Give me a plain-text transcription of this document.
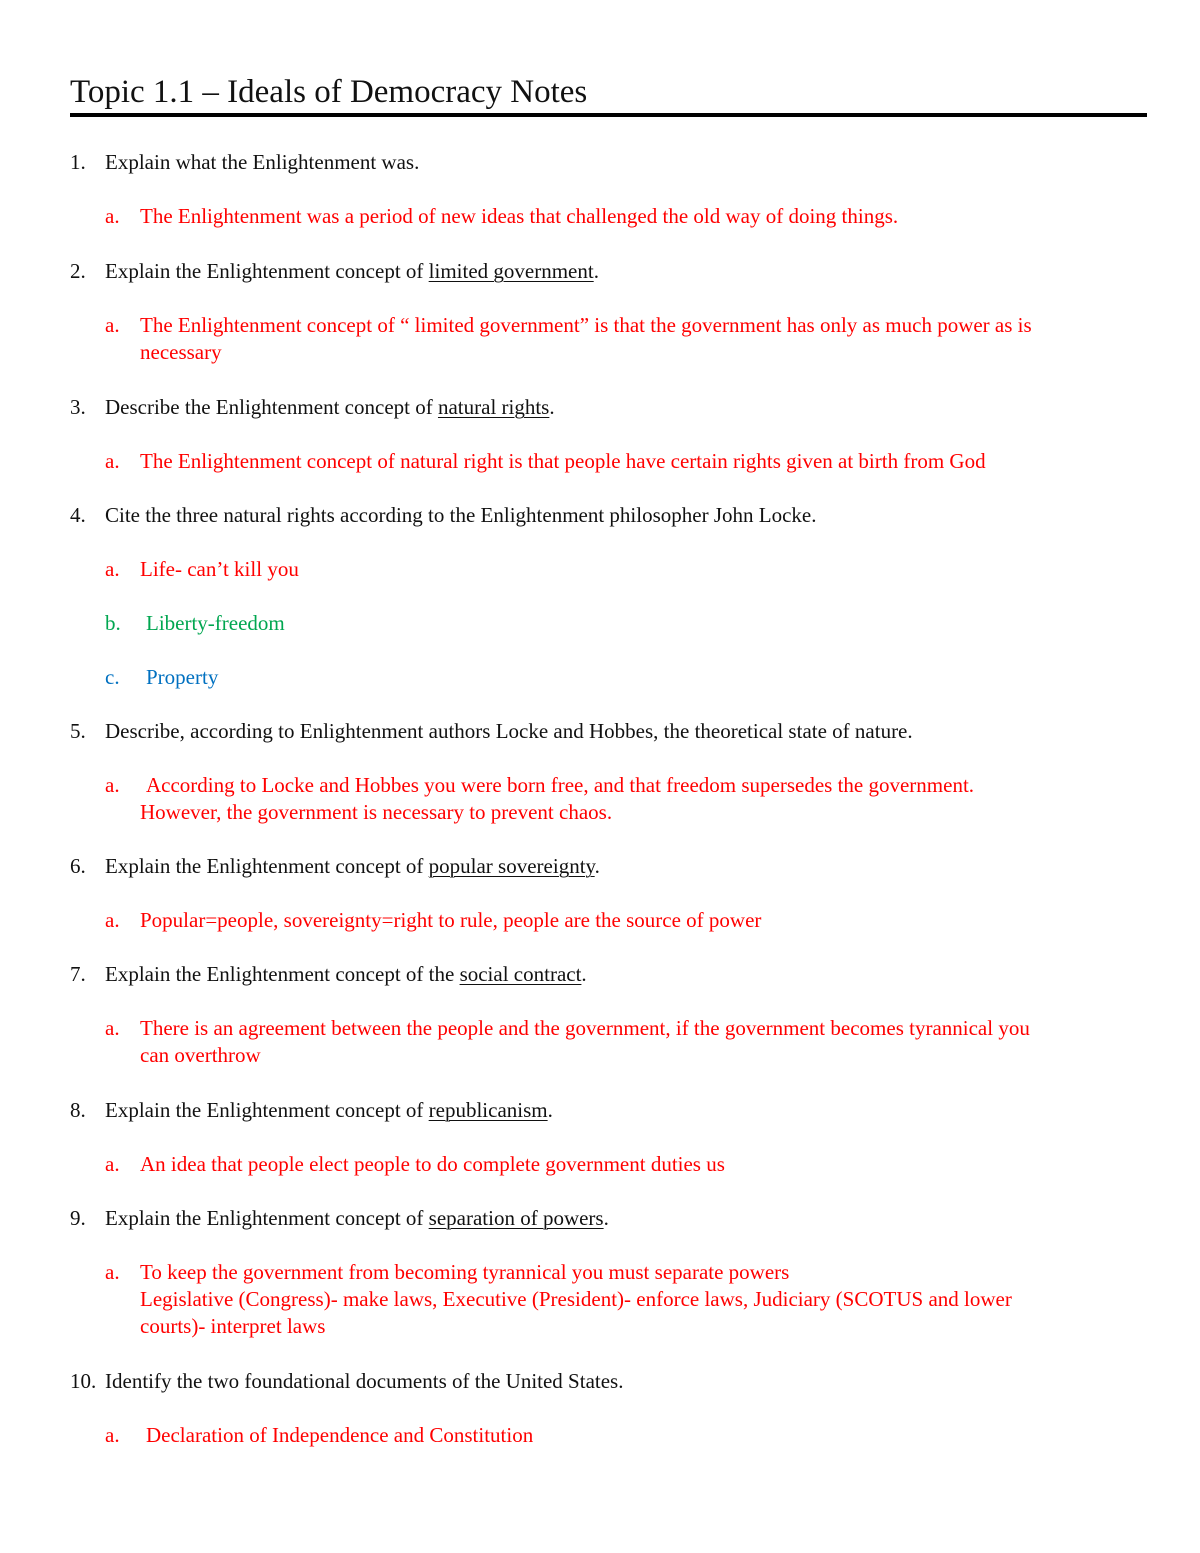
Topic 1.1 – Ideals of Democracy Notes
1. Explain what the Enlightenment was.
a. The Enlightenment was a period of new ideas that challenged the old way of doing things.
2. Explain the Enlightenment concept of limited government.
a. The Enlightenment concept of “ limited government” is that the government has only as much power as is
necessary
3. Describe the Enlightenment concept of natural rights.
a. The Enlightenment concept of natural right is that people have certain rights given at birth from God
4. Cite the three natural rights according to the Enlightenment philosopher John Locke.
a. Life- can’t kill you
b. Liberty-freedom
c. Property
5. Describe, according to Enlightenment authors Locke and Hobbes, the theoretical state of nature.
a. According to Locke and Hobbes you were born free, and that freedom supersedes the government.
However, the government is necessary to prevent chaos.
6. Explain the Enlightenment concept of popular sovereignty.
a. Popular=people, sovereignty=right to rule, people are the source of power
7. Explain the Enlightenment concept of the social contract.
a. There is an agreement between the people and the government, if the government becomes tyrannical you
can overthrow
8. Explain the Enlightenment concept of republicanism.
a. An idea that people elect people to do complete government duties us
9. Explain the Enlightenment concept of separation of powers.
a. To keep the government from becoming tyrannical you must separate powers
Legislative (Congress)- make laws, Executive (President)- enforce laws, Judiciary (SCOTUS and lower
courts)- interpret laws
10. Identify the two foundational documents of the United States.
a. Declaration of Independence and Constitution
